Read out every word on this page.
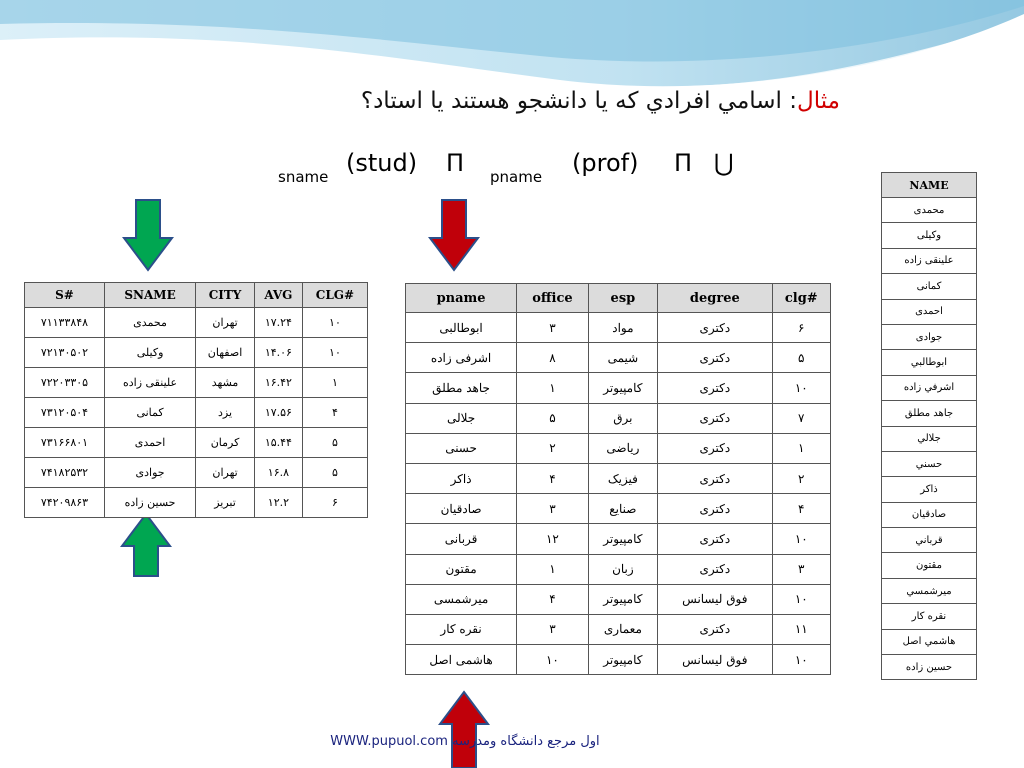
مثال: اسامي افرادي كه يا دانشجو هستند يا استاد؟
sname (stud) Π pname (prof) Π ⋃
S#	SNAME	CITY	AVG	CLG#
۷۱۱۳۳۸۴۸	محمدی	تهران	۱۷.۲۴	۱۰
۷۲۱۳۰۵۰۲	وکیلی	اصفهان	۱۴.۰۶	۱۰
۷۲۲۰۳۳۰۵	علینقی زاده	مشهد	۱۶.۴۲	۱
۷۳۱۲۰۵۰۴	کمانی	یزد	۱۷.۵۶	۴
۷۳۱۶۶۸۰۱	احمدی	کرمان	۱۵.۴۴	۵
۷۴۱۸۲۵۳۲	جوادی	تهران	۱۶.۸	۵
۷۴۲۰۹۸۶۳	حسین زاده	تبریز	۱۲.۲	۶
pname	office	esp	degree	clg#
ابوطالبی	۳	مواد	دکتری	۶
اشرفی زاده	۸	شیمی	دکتری	۵
جاهد مطلق	۱	کامپیوتر	دکتری	۱۰
جلالی	۵	برق	دکتری	۷
حسنی	۲	ریاضی	دکتری	۱
ذاکر	۴	فیزیک	دکتری	۲
صادقیان	۳	صنایع	دکتری	۴
قربانی	۱۲	کامپیوتر	دکتری	۱۰
مقتون	۱	زبان	دکتری	۳
میرشمسی	۴	کامپیوتر	فوق لیسانس	۱۰
نقره کار	۳	معماری	دکتری	۱۱
هاشمی اصل	۱۰	کامپیوتر	فوق لیسانس	۱۰
NAME
محمدی
وکیلی
علینقی زاده
کمانی
احمدی
جوادی
ابوطالبي
اشرفي زاده
جاهد مطلق
جلالي
حسني
ذاكر
صادقيان
قرباني
مقتون
ميرشمسي
نقره كار
هاشمي اصل
حسين زاده
WWW.pupuol.com اول مرجع دانشگاه ومدرسه
